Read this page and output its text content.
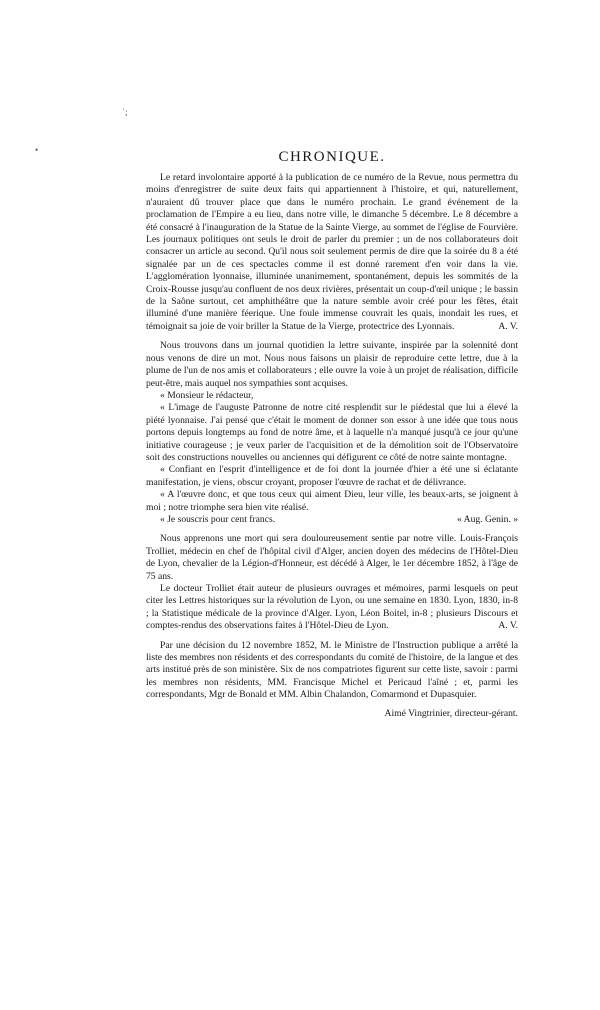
ˈ;
•	CHRONIQUE.

Le retard involontaire apporté à la publication de ce numéro de la Revue, nous permettra du moins d'enregistrer de suite deux faits qui appartiennent à l'histoire, et qui, naturellement, n'auraient dû trouver place que dans le numéro prochain. Le grand événement de la proclamation de l'Empire a eu lieu, dans notre ville, le dimanche 5 décembre. Le 8 décembre a été consacré à l'inauguration de la Statue de la Sainte Vierge, au sommet de l'église de Fourvière. Les journaux politiques ont seuls le droit de parler du premier ; un de nos collaborateurs doit consacrer un article au second. Qu'il nous soit seulement permis de dire que la soirée du 8 a été signalée par un de ces spectacles comme il est donné rarement d'en voir dans la vie. L'agglomération lyonnaise, illuminée unanimement, spontanément, depuis les sommités de la Croix-Rousse jusqu'au confluent de nos deux rivières, présentait un coup-d'œil unique ; le bassin de la Saône surtout, cet amphithéâtre que la nature semble avoir créé pour les fêtes, était illuminé d'une manière féerique. Une foule immense couvrait les quais, inondait les rues, et témoignait sa joie de voir briller la Statue de la Vierge, protectrice des Lyonnais.	A. V.

Nous trouvons dans un journal quotidien la lettre suivante, inspirée par la solennité dont nous venons de dire un mot. Nous nous faisons un plaisir de reproduire cette lettre, due à la plume de l'un de nos amis et collaborateurs ; elle ouvre la voie à un projet de réalisation, difficile peut-être, mais auquel nos sympathies sont acquises.

« Monsieur le rédacteur,

« L'image de l'auguste Patronne de notre cité resplendit sur le piédestal que lui a élevé la piété lyonnaise. J'ai pensé que c'était le moment de donner son essor à une idée que tous nous portons depuis longtemps au fond de notre âme, et à laquelle n'a manqué jusqu'à ce jour qu'une initiative courageuse ; je veux parler de l'acquisition et de la démolition soit de l'Observatoire soit des constructions nouvelles ou anciennes qui défigurent ce côté de notre sainte montagne.

« Confiant en l'esprit d'intelligence et de foi dont la journée d'hier a été une si éclatante manifestation, je viens, obscur croyant, proposer l'œuvre de rachat et de délivrance.

« A l'œuvre donc, et que tous ceux qui aiment Dieu, leur ville, les beaux-arts, se joignent à moi ; notre triomphe sera bien vite réalisé.

« Je souscris pour cent francs.	« Aug. Genin. »

Nous apprenons une mort qui sera douloureusement sentie par notre ville. Louis-François Trolliet, médecin en chef de l'hôpital civil d'Alger, ancien doyen des médecins de l'Hôtel-Dieu de Lyon, chevalier de la Légion-d'Honneur, est décédé à Alger, le 1er décembre 1852, à l'âge de 75 ans.

Le docteur Trolliet était auteur de plusieurs ouvrages et mémoires, parmi lesquels on peut citer les Lettres historiques sur la révolution de Lyon, ou une semaine en 1830. Lyon, 1830, in-8 ; la Statistique médicale de la province d'Alger. Lyon, Léon Boitel, in-8 ; plusieurs Discours et comptes-rendus des observations faites à l'Hôtel-Dieu de Lyon.	A. V.

Par une décision du 12 novembre 1852, M. le Ministre de l'Instruction publique a arrêté la liste des membres non résidents et des correspondants du comité de l'histoire, de la langue et des arts institué près de son ministère. Six de nos compatriotes figurent sur cette liste, savoir : parmi les membres non résidents, MM. Francisque Michel et Pericaud l'aîné ; et, parmi les correspondants, Mgr de Bonald et MM. Albin Chalandon, Comarmond et Dupasquier.

Aimé Vingtrinier, directeur-gérant.
